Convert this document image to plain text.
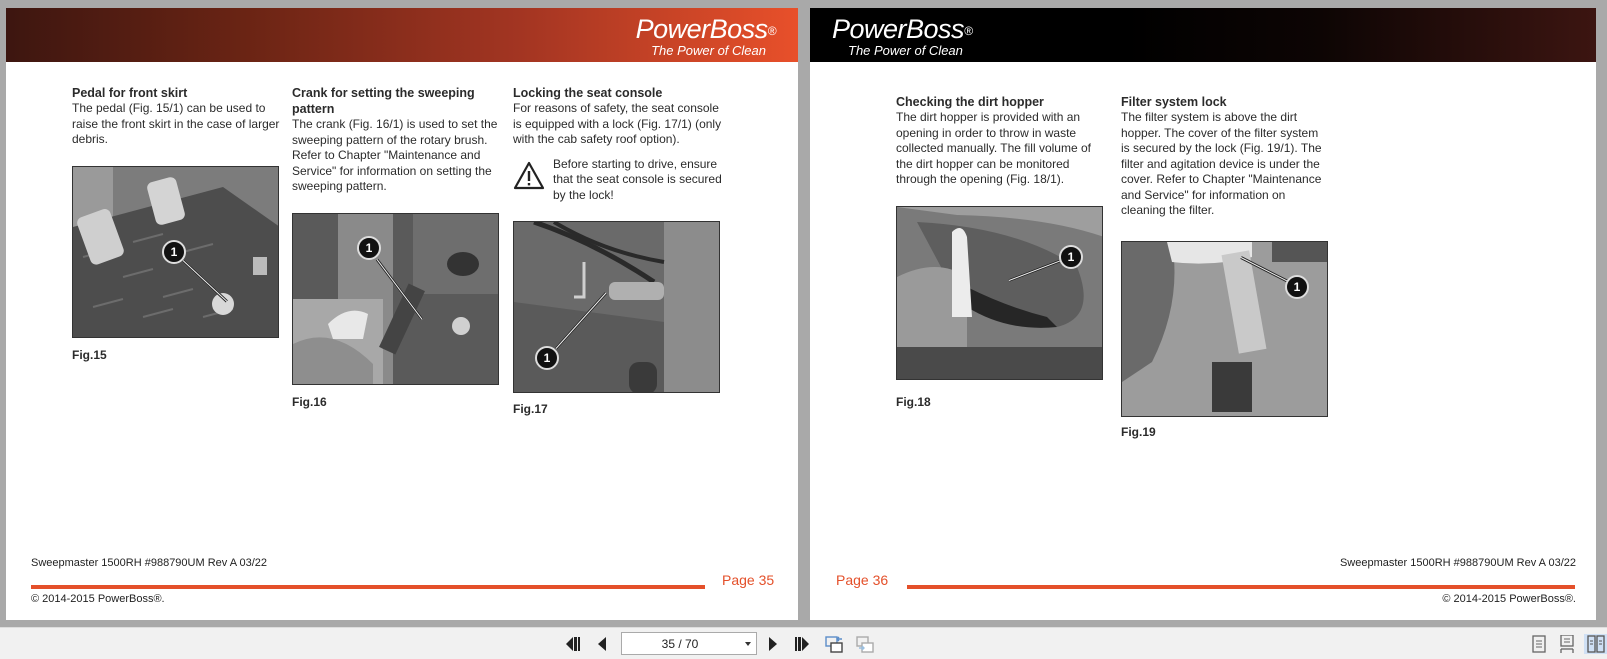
PowerBoss®
The Power of Clean
Pedal for front skirt

The pedal (Fig. 15/1) can be used to raise the front skirt in the case of larger debris.

1
Fig.15
Crank for setting the sweeping pattern

The crank (Fig. 16/1) is used to set the sweeping pattern of the rotary brush. Refer to Chapter "Maintenance and Service" for information on setting the sweeping pattern.

1
Fig.16
Locking the seat console

For reasons of safety, the seat console is equipped with a lock (Fig. 17/1) (only with the cab safety roof option).

Before starting to drive, ensure that the seat console is secured by the lock!

1
Fig.17
Sweepmaster 1500RH #988790UM Rev A 03/22
© 2014-2015 PowerBoss®.
Page 35
PowerBoss®
The Power of Clean
Checking the dirt hopper

The dirt hopper is provided with an opening in order to throw in waste collected manually. The fill volume of the dirt hopper can be monitored through the opening (Fig. 18/1).

1
Fig.18
Filter system lock

The filter system is above the dirt hopper. The cover of the filter system is secured by the lock (Fig. 19/1). The filter and agitation device is under the cover. Refer to Chapter "Maintenance and Service" for information on cleaning the filter.

1
Fig.19
Page 36
Sweepmaster 1500RH #988790UM Rev A 03/22
© 2014-2015 PowerBoss®.
35 / 70
